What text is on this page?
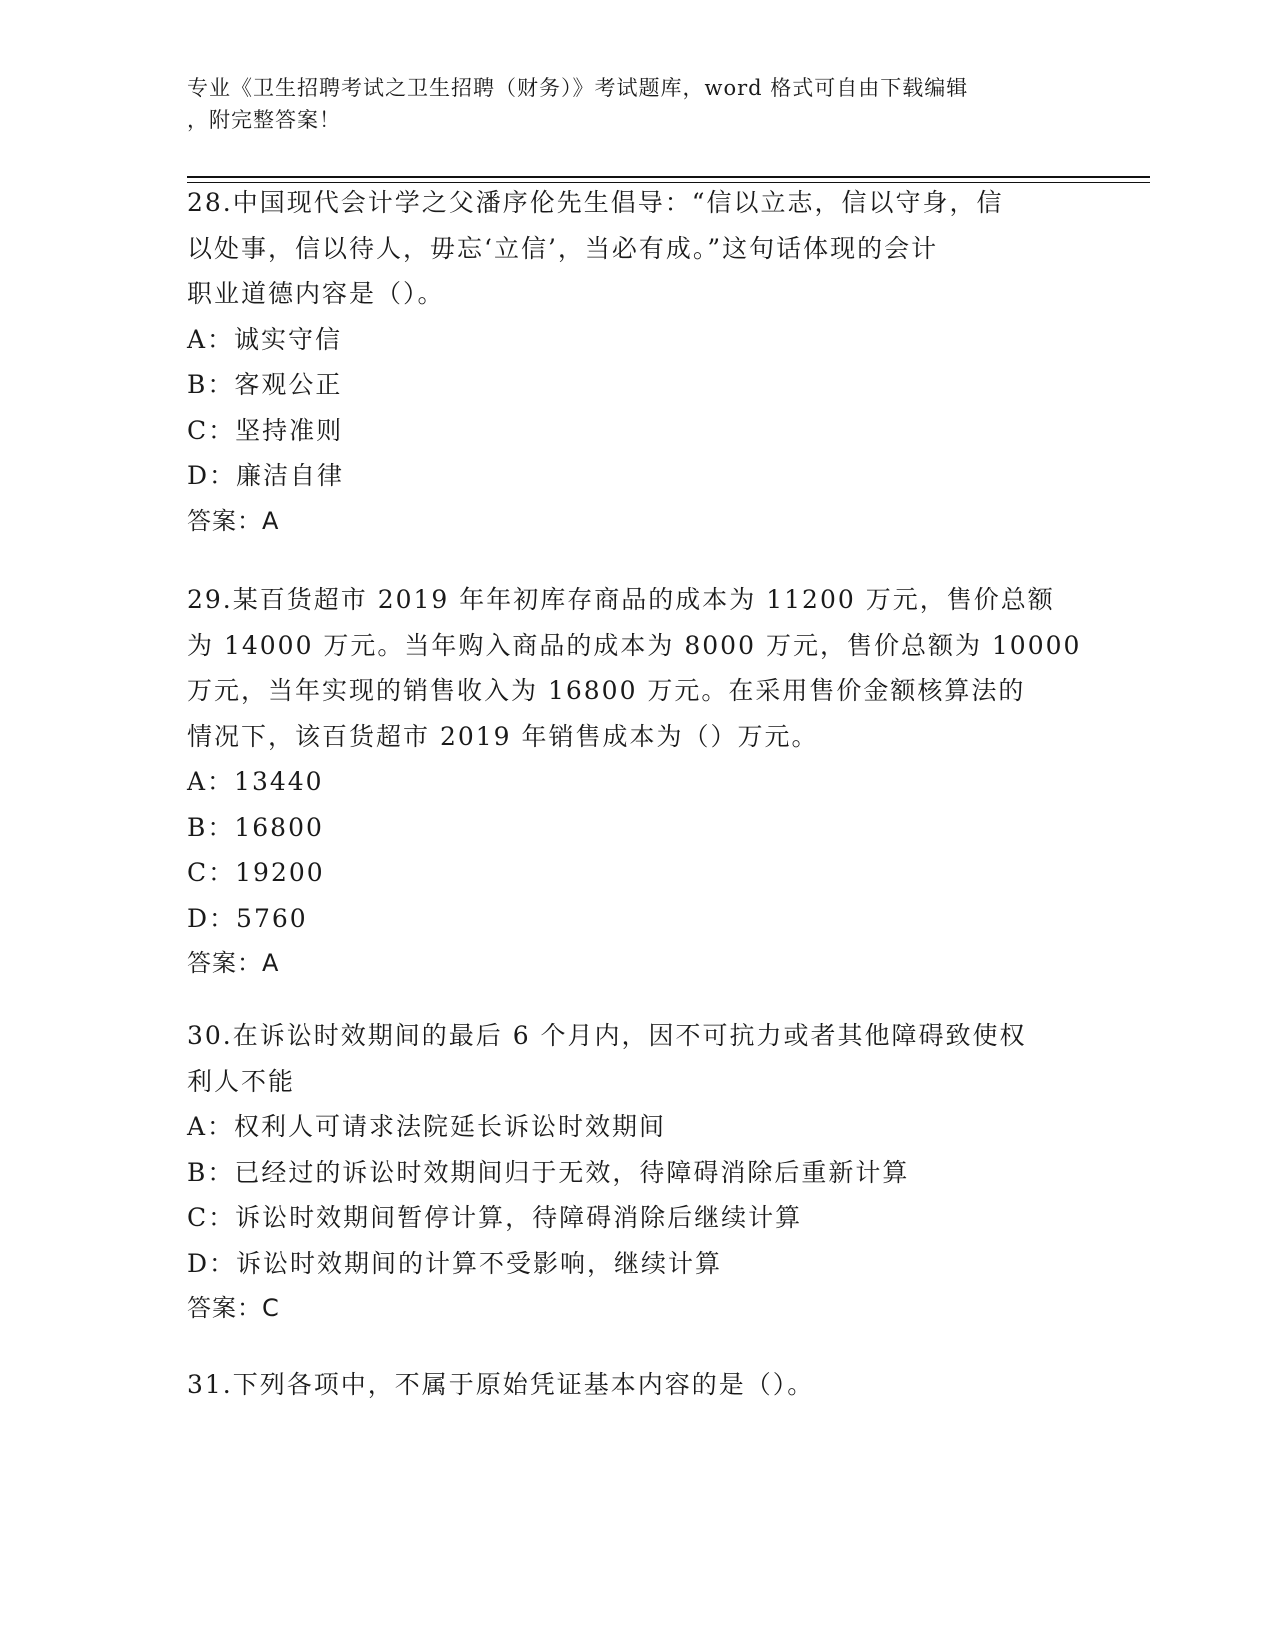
专业《卫生招聘考试之卫生招聘（财务）》考试题库，word 格式可自由下载编辑
，附完整答案！

28.中国现代会计学之父潘序伦先生倡导：“信以立志，信以守身，信

以处事，信以待人，毋忘‘立信’，当必有成。”这句话体现的会计

职业道德内容是（）。

A：诚实守信

B：客观公正

C：坚持准则

D：廉洁自律

答案：A

29.某百货超市 2019 年年初库存商品的成本为 11200 万元，售价总额

为 14000 万元。当年购入商品的成本为 8000 万元，售价总额为 10000

万元，当年实现的销售收入为 16800 万元。在采用售价金额核算法的

情况下，该百货超市 2019 年销售成本为（）万元。

A：13440

B：16800

C：19200

D：5760

答案：A

30.在诉讼时效期间的最后 6 个月内，因不可抗力或者其他障碍致使权

利人不能

A：权利人可请求法院延长诉讼时效期间

B：已经过的诉讼时效期间归于无效，待障碍消除后重新计算

C：诉讼时效期间暂停计算，待障碍消除后继续计算

D：诉讼时效期间的计算不受影响，继续计算

答案：C

31.下列各项中，不属于原始凭证基本内容的是（）。
